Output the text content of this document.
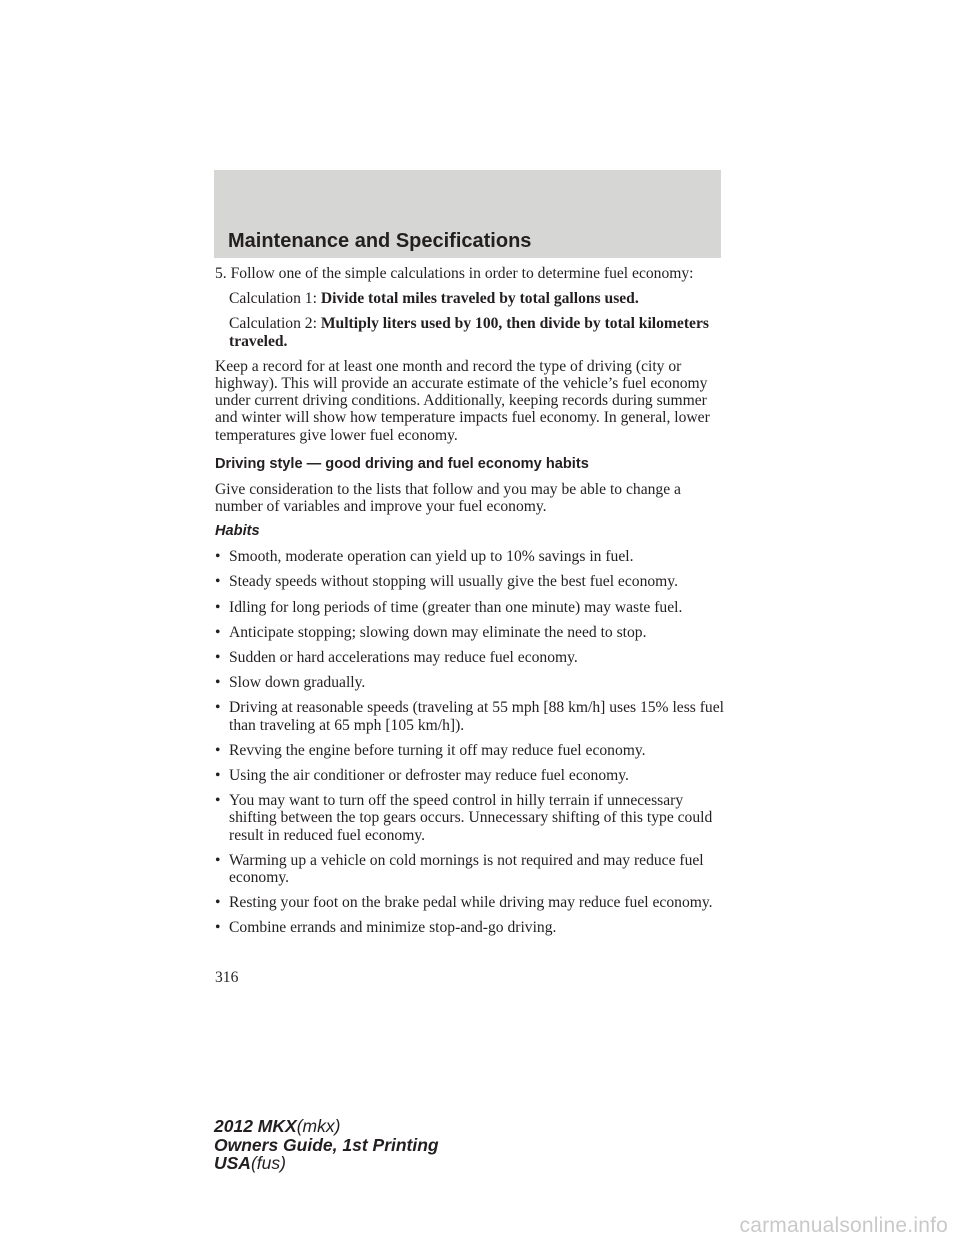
Maintenance and Specifications

5. Follow one of the simple calculations in order to determine fuel economy:

Calculation 1: Divide total miles traveled by total gallons used.

Calculation 2: Multiply liters used by 100, then divide by total kilometers traveled.

Keep a record for at least one month and record the type of driving (city or highway). This will provide an accurate estimate of the vehicle’s fuel economy under current driving conditions. Additionally, keeping records during summer and winter will show how temperature impacts fuel economy. In general, lower temperatures give lower fuel economy.

Driving style — good driving and fuel economy habits

Give consideration to the lists that follow and you may be able to change a number of variables and improve your fuel economy.

Habits

• Smooth, moderate operation can yield up to 10% savings in fuel.
• Steady speeds without stopping will usually give the best fuel economy.
• Idling for long periods of time (greater than one minute) may waste fuel.
• Anticipate stopping; slowing down may eliminate the need to stop.
• Sudden or hard accelerations may reduce fuel economy.
• Slow down gradually.
• Driving at reasonable speeds (traveling at 55 mph [88 km/h] uses 15% less fuel than traveling at 65 mph [105 km/h]).
• Revving the engine before turning it off may reduce fuel economy.
• Using the air conditioner or defroster may reduce fuel economy.
• You may want to turn off the speed control in hilly terrain if unnecessary shifting between the top gears occurs. Unnecessary shifting of this type could result in reduced fuel economy.
• Warming up a vehicle on cold mornings is not required and may reduce fuel economy.
• Resting your foot on the brake pedal while driving may reduce fuel economy.
• Combine errands and minimize stop-and-go driving.
316
2012 MKX(mkx)
Owners Guide, 1st Printing
USA(fus)
carmanualsonline.info
